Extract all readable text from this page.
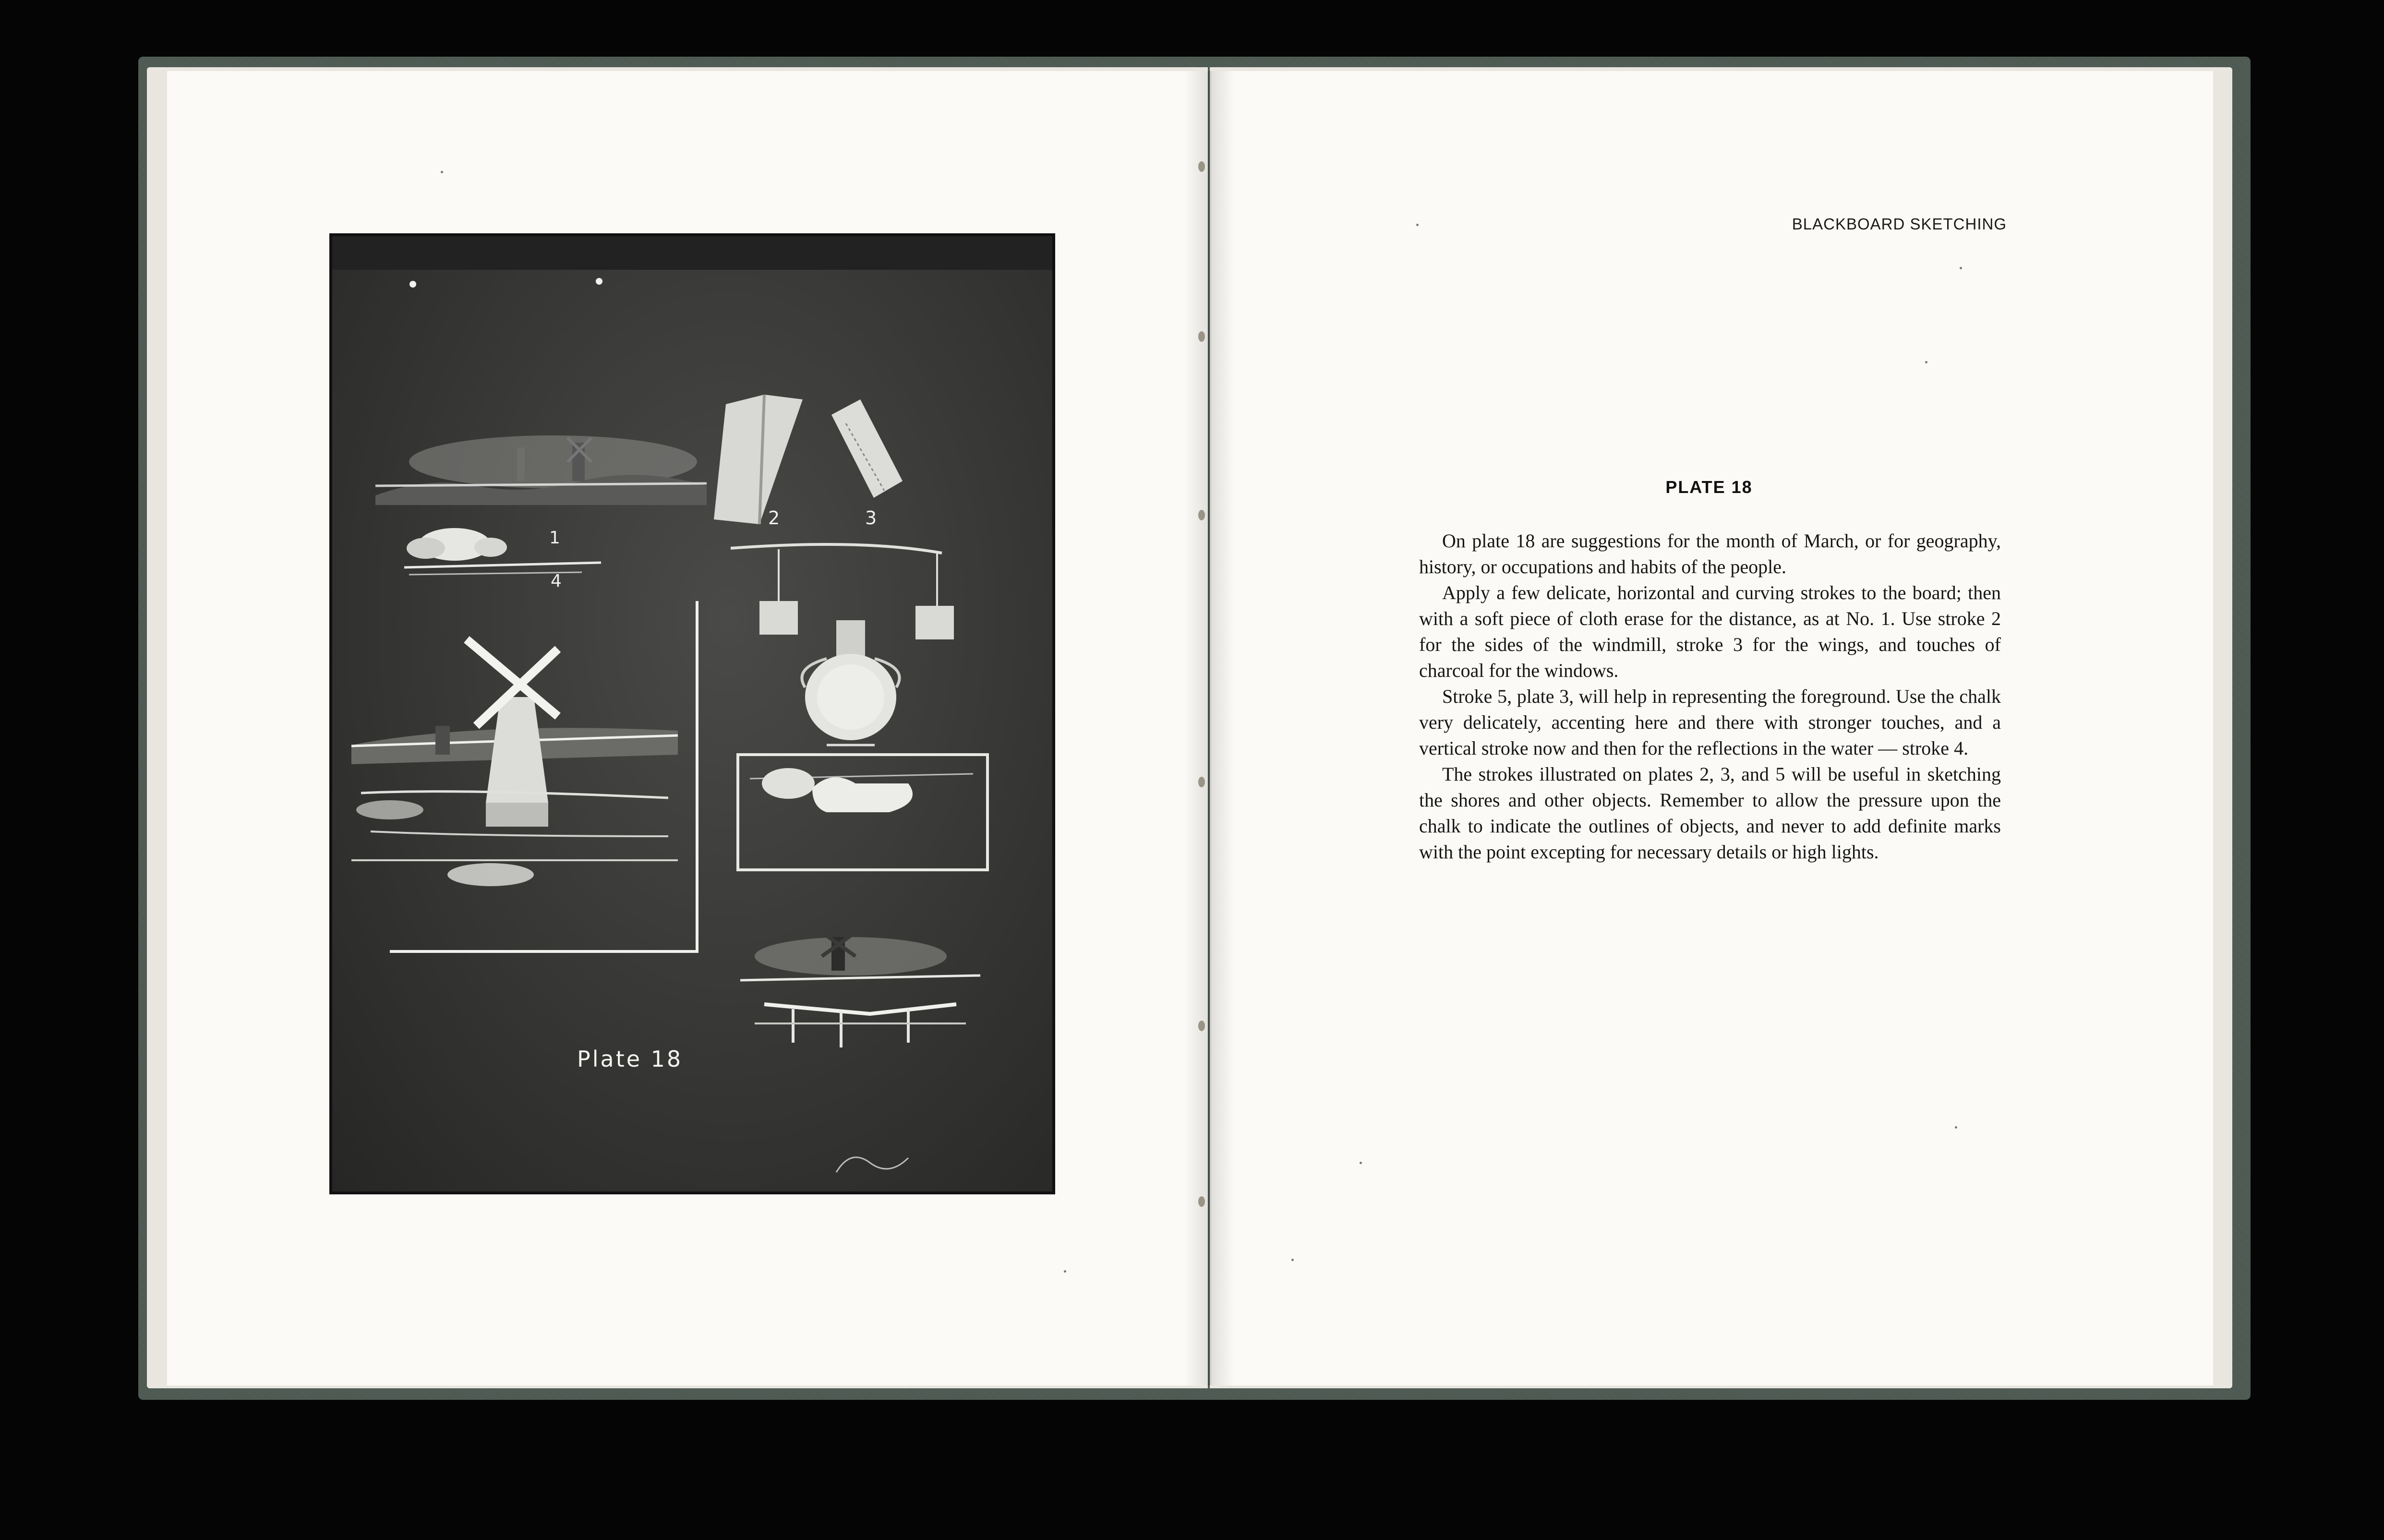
1
4
2	3
Plate 18
BLACKBOARD SKETCHING
PLATE 18

On plate 18 are suggestions for the month of March, or for geography, history, or occupations and habits of the people.

Apply a few delicate, horizontal and curving strokes to the board; then with a soft piece of cloth erase for the distance, as at No. 1. Use stroke 2 for the sides of the windmill, stroke 3 for the wings, and touches of charcoal for the windows.

Stroke 5, plate 3, will help in representing the foreground. Use the chalk very delicately, accenting here and there with stronger touches, and a vertical stroke now and then for the reflections in the water — stroke 4.

The strokes illustrated on plates 2, 3, and 5 will be useful in sketching the shores and other objects. Remember to allow the pressure upon the chalk to indicate the outlines of objects, and never to add definite marks with the point excepting for necessary details or high lights.
